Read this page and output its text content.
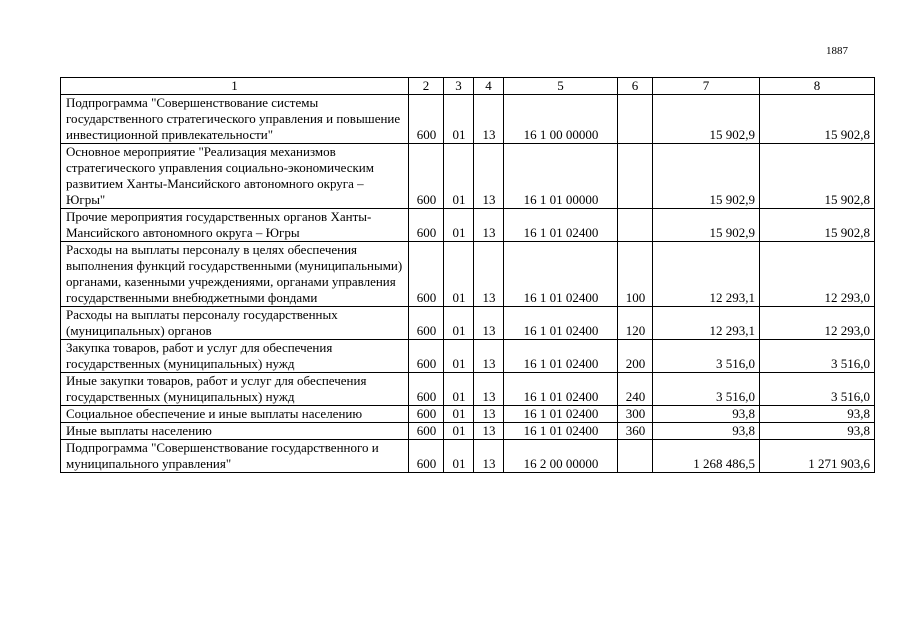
1887
1	2	3	4	5	6	7	8
Подпрограмма "Совершенствование системы государственного стратегического управления и повышение инвестиционной привлекательности"	600	01	13	16 1 00 00000		15 902,9	15 902,8
Основное мероприятие "Реализация механизмов стратегического управления социально-экономическим развитием Ханты-Мансийского автономного округа – Югры"	600	01	13	16 1 01 00000		15 902,9	15 902,8
Прочие мероприятия государственных органов Ханты-Мансийского автономного округа – Югры	600	01	13	16 1 01 02400		15 902,9	15 902,8
Расходы на выплаты персоналу в целях обеспечения выполнения функций государственными (муниципальными) органами, казенными учреждениями, органами управления государственными внебюджетными фондами	600	01	13	16 1 01 02400	100	12 293,1	12 293,0
Расходы на выплаты персоналу государственных (муниципальных) органов	600	01	13	16 1 01 02400	120	12 293,1	12 293,0
Закупка товаров, работ и услуг для обеспечения государственных (муниципальных) нужд	600	01	13	16 1 01 02400	200	3 516,0	3 516,0
Иные закупки товаров, работ и услуг для обеспечения государственных (муниципальных) нужд	600	01	13	16 1 01 02400	240	3 516,0	3 516,0
Социальное обеспечение и иные выплаты населению	600	01	13	16 1 01 02400	300	93,8	93,8
Иные выплаты населению	600	01	13	16 1 01 02400	360	93,8	93,8
Подпрограмма "Совершенствование государственного и муниципального управления"	600	01	13	16 2 00 00000		1 268 486,5	1 271 903,6
